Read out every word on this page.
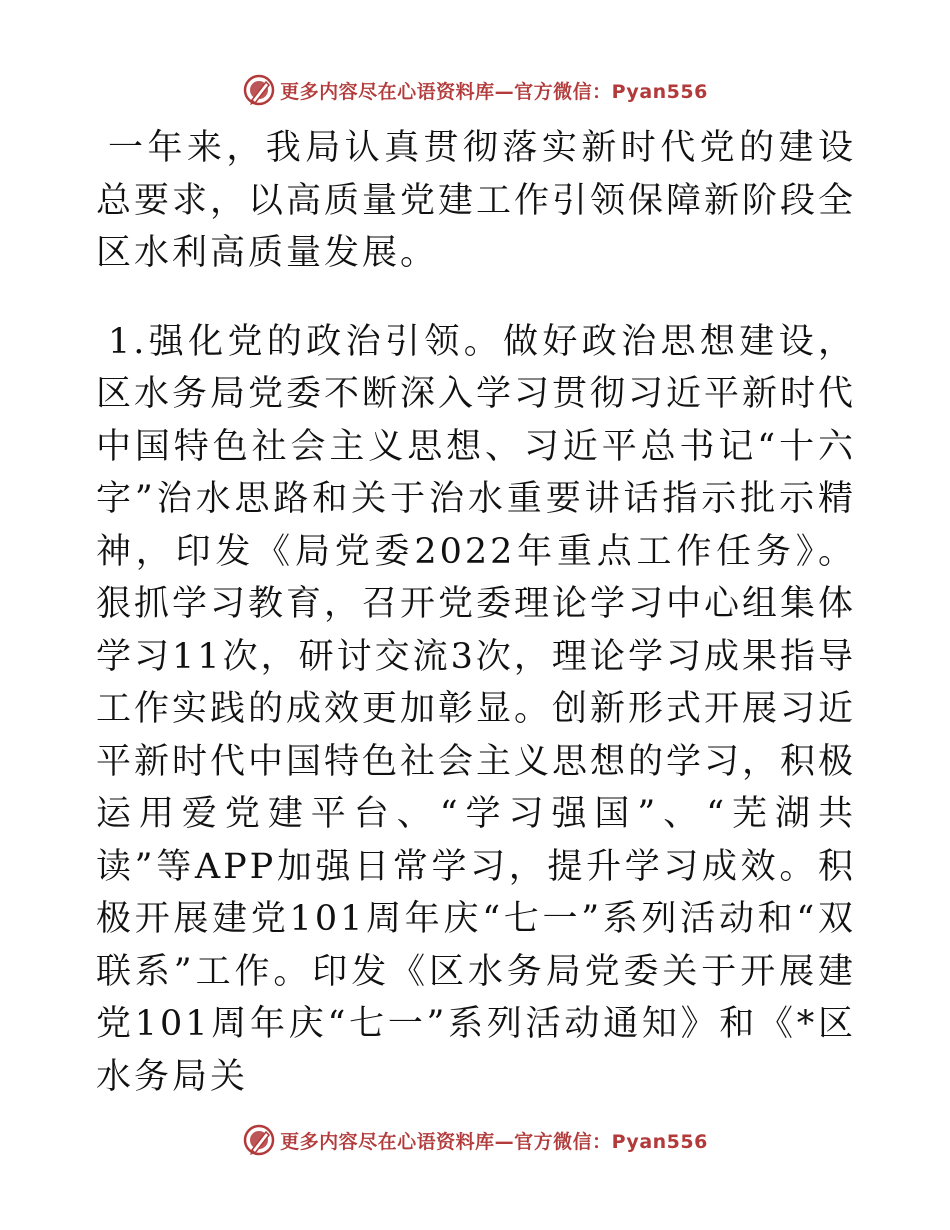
更多内容尽在心语资料库—官方微信：Pyan556

一年来，我局认真贯彻落实新时代党的建设总要求，以高质量党建工作引领保障新阶段全区水利高质量发展。

1.强化党的政治引领。做好政治思想建设，区水务局党委不断深入学习贯彻习近平新时代中国特色社会主义思想、习近平总书记“十六字”治水思路和关于治水重要讲话指示批示精神，印发《局党委2022年重点工作任务》。狠抓学习教育，召开党委理论学习中心组集体学习11次，研讨交流3次，理论学习成果指导工作实践的成效更加彰显。创新形式开展习近平新时代中国特色社会主义思想的学习，积极运用爱党建平台、“学习强国”、“芜湖共读”等APP加强日常学习，提升学习成效。积极开展建党101周年庆“七一”系列活动和“双联系”工作。印发《区水务局党委关于开展建党101周年庆“七一”系列活动通知》和《*区水务局关

更多内容尽在心语资料库—官方微信：Pyan556
